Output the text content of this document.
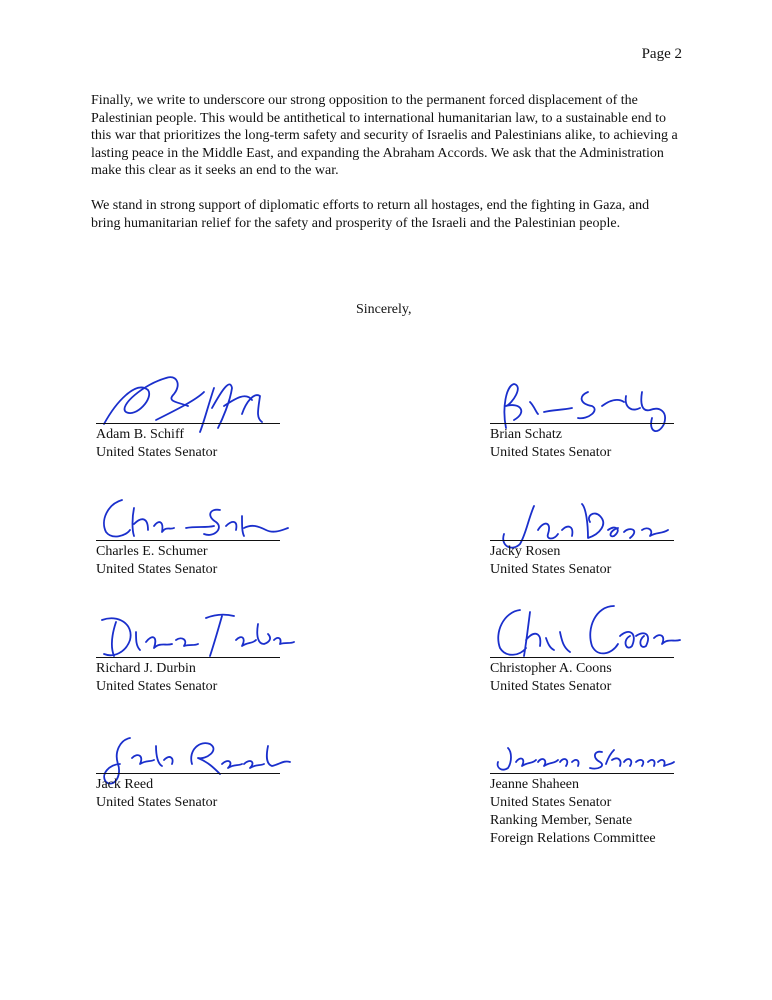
Page 2

Finally, we write to underscore our strong opposition to the permanent forced displacement of the Palestinian people. This would be antithetical to international humanitarian law, to a sustainable end to this war that prioritizes the long-term safety and security of Israelis and Palestinians alike, to achieving a lasting peace in the Middle East, and expanding the Abraham Accords. We ask that the Administration make this clear as it seeks an end to the war.

We stand in strong support of diplomatic efforts to return all hostages, end the fighting in Gaza, and bring humanitarian relief for the safety and prosperity of the Israeli and the Palestinian people.

Sincerely,
Adam B. Schiff
United States Senator
Brian Schatz
United States Senator
Charles E. Schumer
United States Senator
Jacky Rosen
United States Senator
Richard J. Durbin
United States Senator
Christopher A. Coons
United States Senator
Jack Reed
United States Senator
Jeanne Shaheen
United States Senator
Ranking Member, Senate
Foreign Relations Committee
